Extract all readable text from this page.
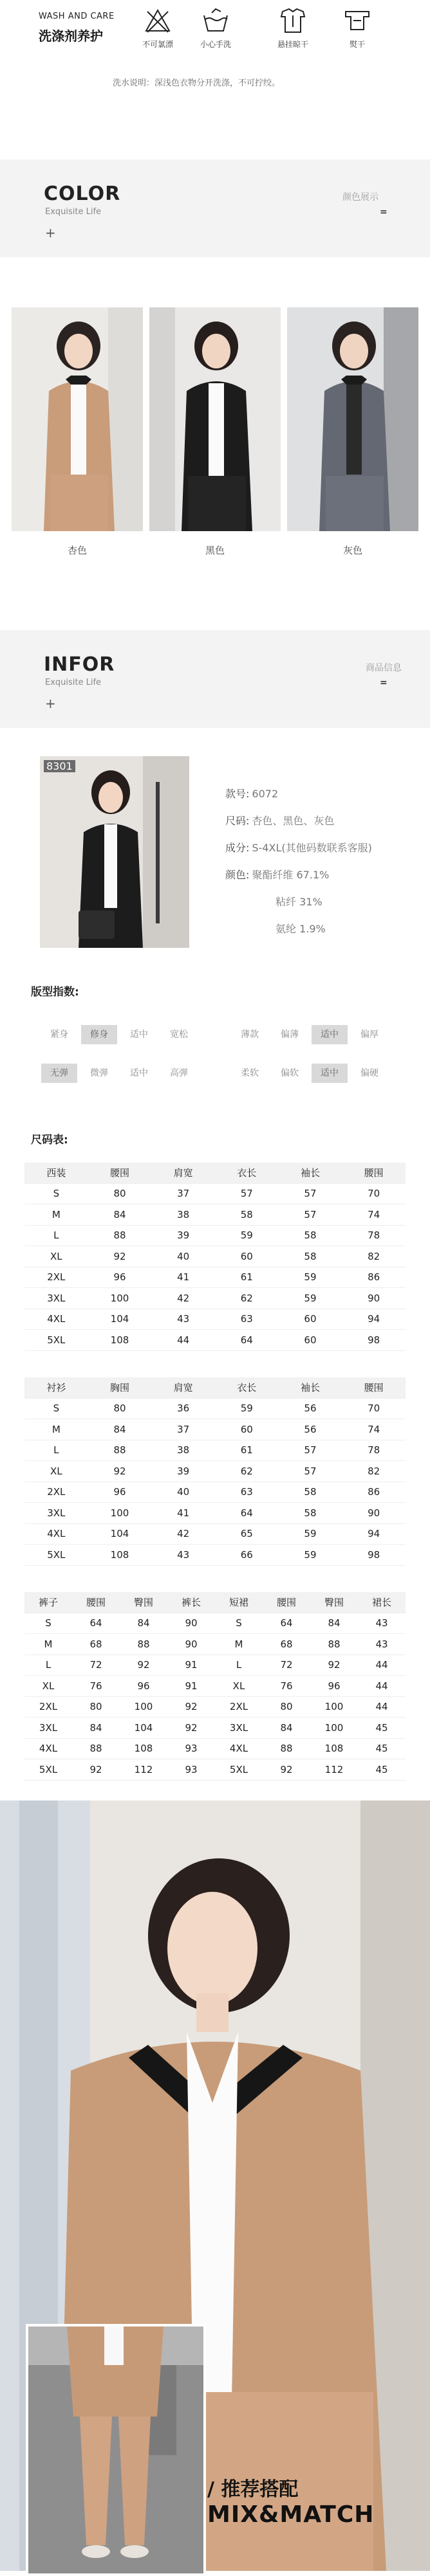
WASH AND CARE
洗涤剂养护
不可氯漂	小心手洗	悬挂晾干	熨干
洗水说明：深浅色衣物分开洗涤，不可拧绞。
COLOR
Exquisite Life
+
颜色展示
=
杏色	黑色	灰色
INFOR
Exquisite Life
+
商品信息
=
8301
款号: 6072
尺码: 杏色、黑色、灰色
成分: S-4XL(其他码数联系客服)
颜色: 聚酯纤维 67.1%
粘纤 31%
氨纶 1.9%
版型指数:
紧身	修身	适中	宽松	薄款	偏薄	适中	偏厚
无弹	微弹	适中	高弹	柔软	偏软	适中	偏硬
尺码表:
西装	腰围	肩宽	衣长	袖长	腰围
S	80	37	57	57	70
M	84	38	58	57	74
L	88	39	59	58	78
XL	92	40	60	58	82
2XL	96	41	61	59	86
3XL	100	42	62	59	90
4XL	104	43	63	60	94
5XL	108	44	64	60	98
衬衫	胸围	肩宽	衣长	袖长	腰围
S	80	36	59	56	70
M	84	37	60	56	74
L	88	38	61	57	78
XL	92	39	62	57	82
2XL	96	40	63	58	86
3XL	100	41	64	58	90
4XL	104	42	65	59	94
5XL	108	43	66	59	98
裤子	腰围	臀围	裤长	短裙	腰围	臀围	裙长
S	64	84	90	S	64	84	43
M	68	88	90	M	68	88	43
L	72	92	91	L	72	92	44
XL	76	96	91	XL	76	96	44
2XL	80	100	92	2XL	80	100	44
3XL	84	104	92	3XL	84	100	45
4XL	88	108	93	4XL	88	108	45
5XL	92	112	93	5XL	92	112	45
/ 推荐搭配
MIX&MATCH
